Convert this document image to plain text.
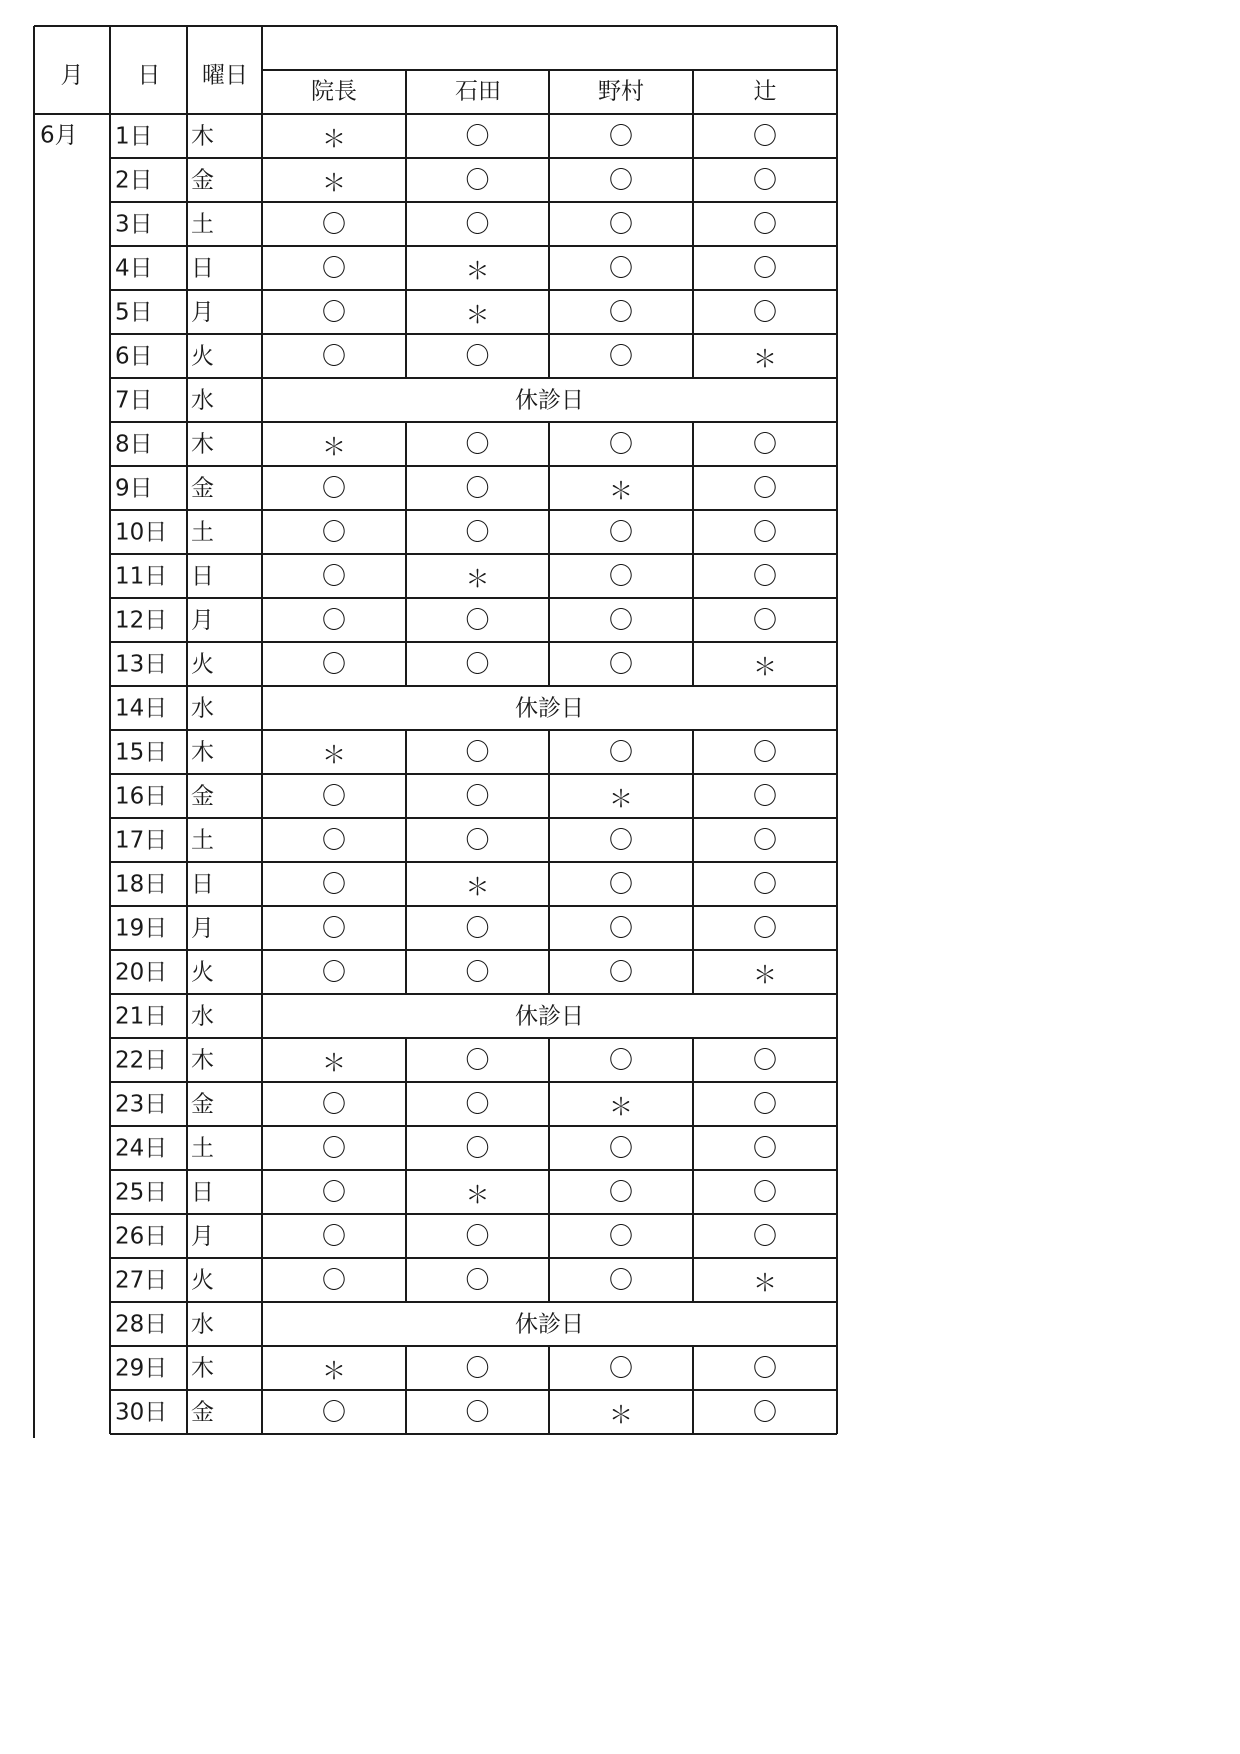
月 日 曜日
院長	石田	野村	辻
6月 1日 木	＊	〇	〇	〇
2日 金	＊	〇	〇	〇
3日 土	〇	〇	〇	〇
4日 日	〇	＊	〇	〇
5日 月	〇	＊	〇	〇
6日 火	〇	〇	〇	＊
7日 水	休診日
8日 木	＊	〇	〇	〇
9日 金	〇	〇	＊	〇
10日 土	〇	〇	〇	〇
11日 日	〇	＊	〇	〇
12日 月	〇	〇	〇	〇
13日 火	〇	〇	〇	＊
14日 水	休診日
15日 木	＊	〇	〇	〇
16日 金	〇	〇	＊	〇
17日 土	〇	〇	〇	〇
18日 日	〇	＊	〇	〇
19日 月	〇	〇	〇	〇
20日 火	〇	〇	〇	＊
21日 水	休診日
22日 木	＊	〇	〇	〇
23日 金	〇	〇	＊	〇
24日 土	〇	〇	〇	〇
25日 日	〇	＊	〇	〇
26日 月	〇	〇	〇	〇
27日 火	〇	〇	〇	＊
28日 水	休診日
29日 木	＊	〇	〇	〇
30日 金	〇	〇	＊	〇
